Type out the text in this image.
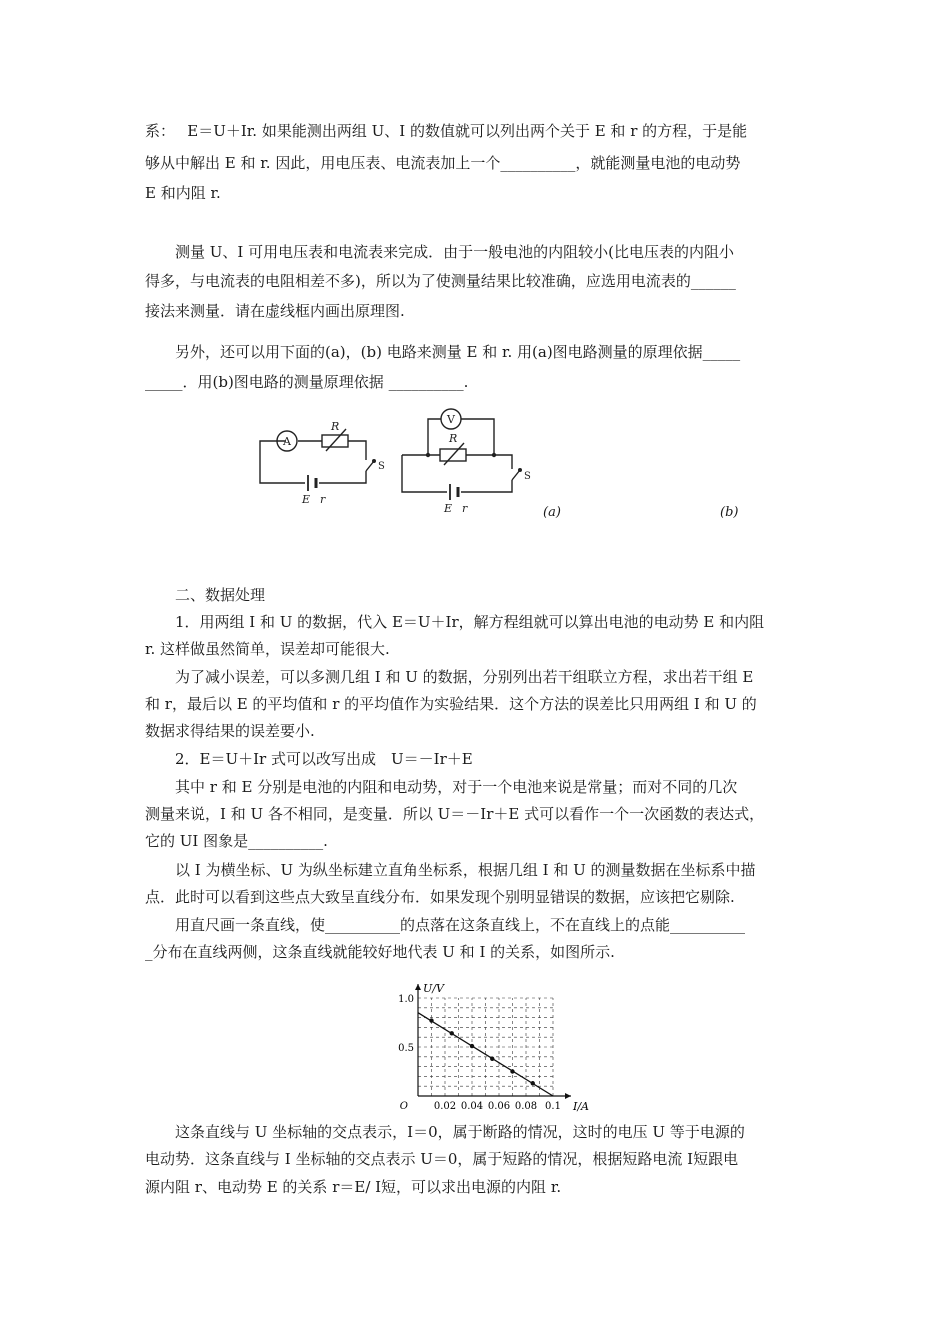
系：　 E＝U＋Ir. 如果能测出两组 U、I 的数值就可以列出两个关于 E 和 r 的方程，于是能
够从中解出 E 和 r. 因此，用电压表、电流表加上一个__________，就能测量电池的电动势
E 和内阻 r.
测量 U、I 可用电压表和电流表来完成．由于一般电池的内阻较小(比电压表的内阻小
得多，与电流表的电阻相差不多)，所以为了使测量结果比较准确，应选用电流表的______
接法来测量．请在虚线框内画出原理图.
另外，还可以用下面的(a)，(b) 电路来测量 E 和 r. 用(a)图电路测量的原理依据_____
_____．用(b)图电路的测量原理依据 __________.
A
V
R
R
S
S
E r
E r	(a)	(b)
二、数据处理
1．用两组 I 和 U 的数据，代入 E＝U＋Ir，解方程组就可以算出电池的电动势 E 和内阻
r. 这样做虽然简单，误差却可能很大.
为了减小误差，可以多测几组 I 和 U 的数据，分别列出若干组联立方程，求出若干组 E
和 r，最后以 E 的平均值和 r 的平均值作为实验结果．这个方法的误差比只用两组 I 和 U 的
数据求得结果的误差要小.
2．E＝U＋Ir 式可以改写出成　U＝－Ir＋E
其中 r 和 E 分别是电池的内阻和电动势，对于一个电池来说是常量；而对不同的几次
测量来说，I 和 U 各不相同，是变量．所以 U＝－Ir＋E 式可以看作一个一次函数的表达式，
它的 UI 图象是__________.
以 I 为横坐标、U 为纵坐标建立直角坐标系，根据几组 I 和 U 的测量数据在坐标系中描
点．此时可以看到这些点大致呈直线分布．如果发现个别明显错误的数据，应该把它剔除.
用直尺画一条直线，使__________的点落在这条直线上，不在直线上的点能__________
_分布在直线两侧，这条直线就能较好地代表 U 和 I 的关系，如图所示.
0.02 0.04 0.06 0.08 0.1
0.5
1.0
O	I/A
U/V
这条直线与 U 坐标轴的交点表示，I＝0，属于断路的情况，这时的电压 U 等于电源的
电动势．这条直线与 I 坐标轴的交点表示 U＝0，属于短路的情况，根据短路电流 I短跟电
源内阻 r、电动势 E 的关系 r＝E/ I短，可以求出电源的内阻 r.
